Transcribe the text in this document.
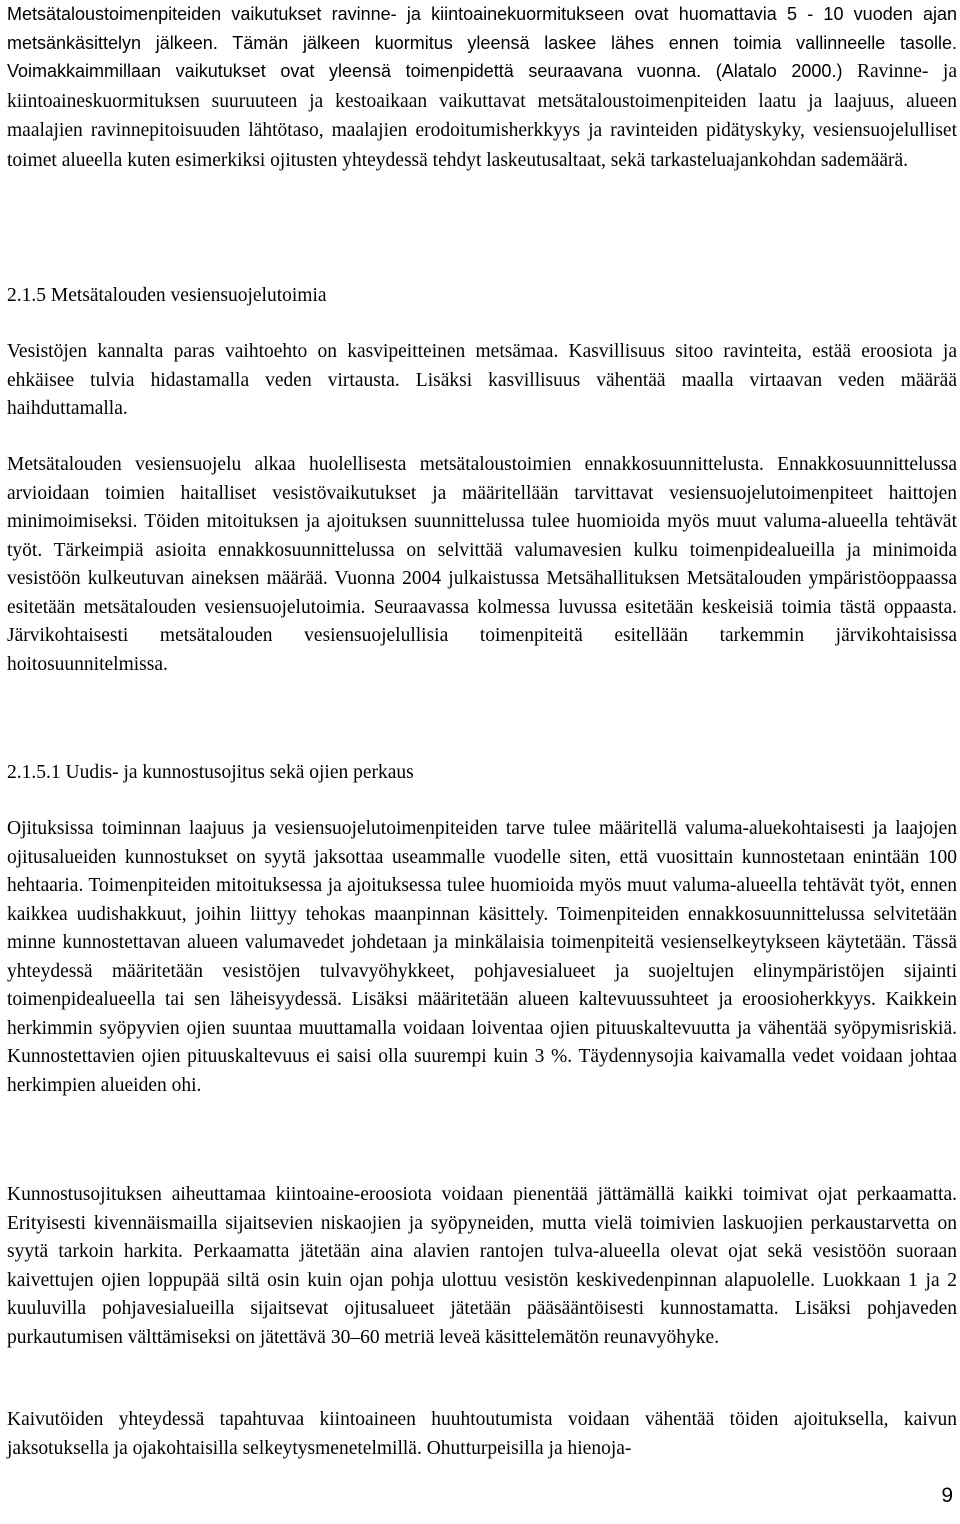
Metsätaloustoimenpiteiden vaikutukset ravinne- ja kiintoainekuormitukseen ovat huomattavia 5 - 10 vuoden ajan metsänkäsittelyn jälkeen. Tämän jälkeen kuormitus yleensä laskee lähes ennen toimia vallinneelle tasolle. Voimakkaimmillaan vaikutukset ovat yleensä toimenpidettä seuraavana vuonna. (Alatalo 2000.) Ravinne- ja kiintoaineskuormituksen suuruuteen ja kestoaikaan vaikuttavat metsätaloustoimenpiteiden laatu ja laajuus, alueen maalajien ravinnepitoisuuden lähtötaso, maalajien erodoitumisherkkyys ja ravinteiden pidätyskyky, vesiensuojelulliset toimet alueella kuten esimerkiksi ojitusten yhteydessä tehdyt laskeutusaltaat, sekä tarkasteluajankohdan sademäärä.

2.1.5 Metsätalouden vesiensuojelutoimia

Vesistöjen kannalta paras vaihtoehto on kasvipeitteinen metsämaa. Kasvillisuus sitoo ravinteita, estää eroosiota ja ehkäisee tulvia hidastamalla veden virtausta. Lisäksi kasvillisuus vähentää maalla virtaavan veden määrää haihduttamalla.

Metsätalouden vesiensuojelu alkaa huolellisesta metsätaloustoimien ennakkosuunnittelusta. Ennakkosuunnittelussa arvioidaan toimien haitalliset vesistövaikutukset ja määritellään tarvittavat vesiensuojelutoimenpiteet haittojen minimoimiseksi. Töiden mitoituksen ja ajoituksen suunnittelussa tulee huomioida myös muut valuma-alueella tehtävät työt. Tärkeimpiä asioita ennakkosuunnittelussa on selvittää valumavesien kulku toimenpidealueilla ja minimoida vesistöön kulkeutuvan aineksen määrää. Vuonna 2004 julkaistussa Metsähallituksen Metsätalouden ympäristöoppaassa esitetään metsätalouden vesiensuojelutoimia. Seuraavassa kolmessa luvussa esitetään keskeisiä toimia tästä oppaasta. Järvikohtaisesti metsätalouden vesiensuojelullisia toimenpiteitä esitellään tarkemmin järvikohtaisissa hoitosuunnitelmissa.

2.1.5.1 Uudis- ja kunnostusojitus sekä ojien perkaus

Ojituksissa toiminnan laajuus ja vesiensuojelutoimenpiteiden tarve tulee määritellä valuma-aluekohtaisesti ja laajojen ojitusalueiden kunnostukset on syytä jaksottaa useammalle vuodelle siten, että vuosittain kunnostetaan enintään 100 hehtaaria. Toimenpiteiden mitoituksessa ja ajoituksessa tulee huomioida myös muut valuma-alueella tehtävät työt, ennen kaikkea uudishakkuut, joihin liittyy tehokas maanpinnan käsittely. Toimenpiteiden ennakkosuunnittelussa selvitetään minne kunnostettavan alueen valumavedet johdetaan ja minkälaisia toimenpiteitä vesienselkeytykseen käytetään. Tässä yhteydessä määritetään vesistöjen tulvavyöhykkeet, pohjavesialueet ja suojeltujen elinympäristöjen sijainti toimenpidealueella tai sen läheisyydessä. Lisäksi määritetään alueen kaltevuussuhteet ja eroosioherkkyys. Kaikkein herkimmin syöpyvien ojien suuntaa muuttamalla voidaan loiventaa ojien pituuskaltevuutta ja vähentää syöpymisriskiä. Kunnostettavien ojien pituuskaltevuus ei saisi olla suurempi kuin 3 %. Täydennysojia kaivamalla vedet voidaan johtaa herkimpien alueiden ohi.

Kunnostusojituksen aiheuttamaa kiintoaine-eroosiota voidaan pienentää jättämällä kaikki toimivat ojat perkaamatta. Erityisesti kivennäismailla sijaitsevien niskaojien ja syöpyneiden, mutta vielä toimivien laskuojien perkaustarvetta on syytä tarkoin harkita. Perkaamatta jätetään aina alavien rantojen tulva-alueella olevat ojat sekä vesistöön suoraan kaivettujen ojien loppupää siltä osin kuin ojan pohja ulottuu vesistön keskivedenpinnan alapuolelle. Luokkaan 1 ja 2 kuuluvilla pohjavesialueilla sijaitsevat ojitusalueet jätetään pääsääntöisesti kunnostamatta. Lisäksi pohjaveden purkautumisen välttämiseksi on jätettävä 30–60 metriä leveä käsittelemätön reunavyöhyke.

Kaivutöiden yhteydessä tapahtuvaa kiintoaineen huuhtoutumista voidaan vähentää töiden ajoituksella, kaivun jaksotuksella ja ojakohtaisilla selkeytysmenetelmillä. Ohutturpeisilla ja hienoja-

9
